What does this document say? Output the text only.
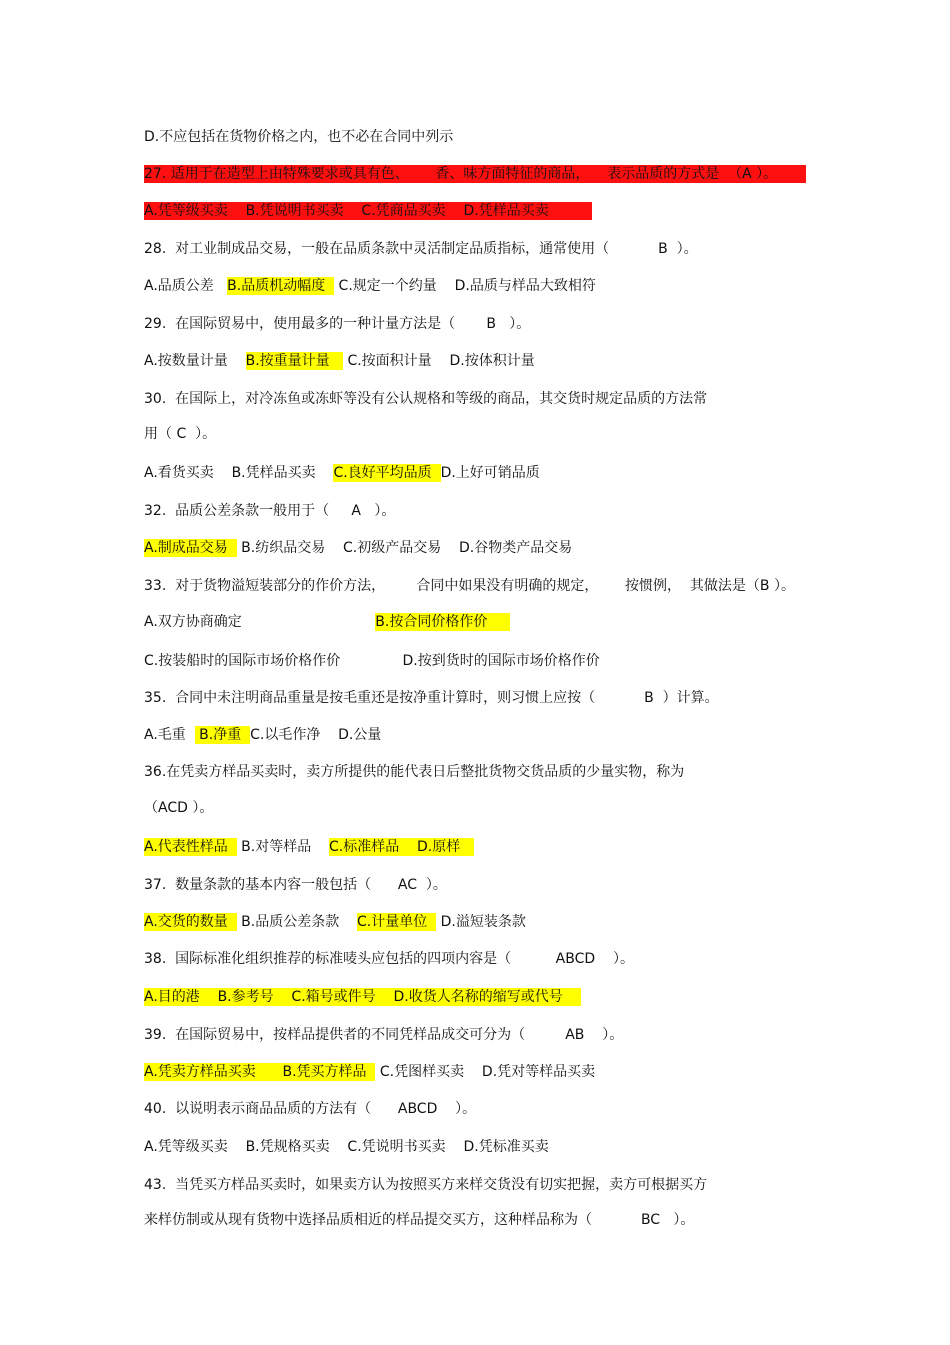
D.不应包括在货物价格之内，也不必在合同中列示
27. 适用于在造型上由特殊要求或具有色、      香、味方面特征的商品，    表示品质的方式是  （A ）。
A.凭等级买卖    B.凭说明书买卖    C.凭商品买卖    D.凭样品买卖
28.  对工业制成品交易，一般在品质条款中灵活制定品质指标，通常使用（           B  ）。
A.品质公差   B.品质机动幅度   C.规定一个约量    D.品质与样品大致相符
29.  在国际贸易中，使用最多的一种计量方法是（       B   ）。
A.按数量计量    B.按重量计量    C.按面积计量    D.按体积计量
30.  在国际上，对冷冻鱼或冻虾等没有公认规格和等级的商品，其交货时规定品质的方法常
用（ C  ）。
A.看货买卖    B.凭样品买卖    C.良好平均品质  D.上好可销品质
32.  品质公差条款一般用于（     A   ）。
A.制成品交易   B.纺织品交易    C.初级产品交易    D.谷物类产品交易
33.  对于货物溢短装部分的作价方法，       合同中如果没有明确的规定，      按惯例，  其做法是（B ）。
A.双方协商确定                              B.按合同价格作价
C.按装船时的国际市场价格作价              D.按到货时的国际市场价格作价
35.  合同中未注明商品重量是按毛重还是按净重计算时，则习惯上应按（           B  ）计算。
A.毛重   B.净重  C.以毛作净    D.公量
36.在凭卖方样品买卖时，卖方所提供的能代表日后整批货物交货品质的少量实物，称为
（ACD ）。
A.代表性样品   B.对等样品    C.标准样品    D.原样
37.  数量条款的基本内容一般包括（      AC  ）。
A.交货的数量   B.品质公差条款    C.计量单位   D.溢短装条款
38.  国际标准化组织推荐的标准唛头应包括的四项内容是（          ABCD    ）。
A.目的港    B.参考号    C.箱号或件号    D.收货人名称的缩写或代号
39.  在国际贸易中，按样品提供者的不同凭样品成交可分为（         AB    ）。
A.凭卖方样品买卖      B.凭买方样品   C.凭图样买卖    D.凭对等样品买卖
40.  以说明表示商品品质的方法有（      ABCD    ）。
A.凭等级买卖    B.凭规格买卖    C.凭说明书买卖    D.凭标准买卖
43.  当凭买方样品买卖时，如果卖方认为按照买方来样交货没有切实把握，卖方可根据买方
来样仿制或从现有货物中选择品质相近的样品提交买方，这种样品称为（           BC   ）。
